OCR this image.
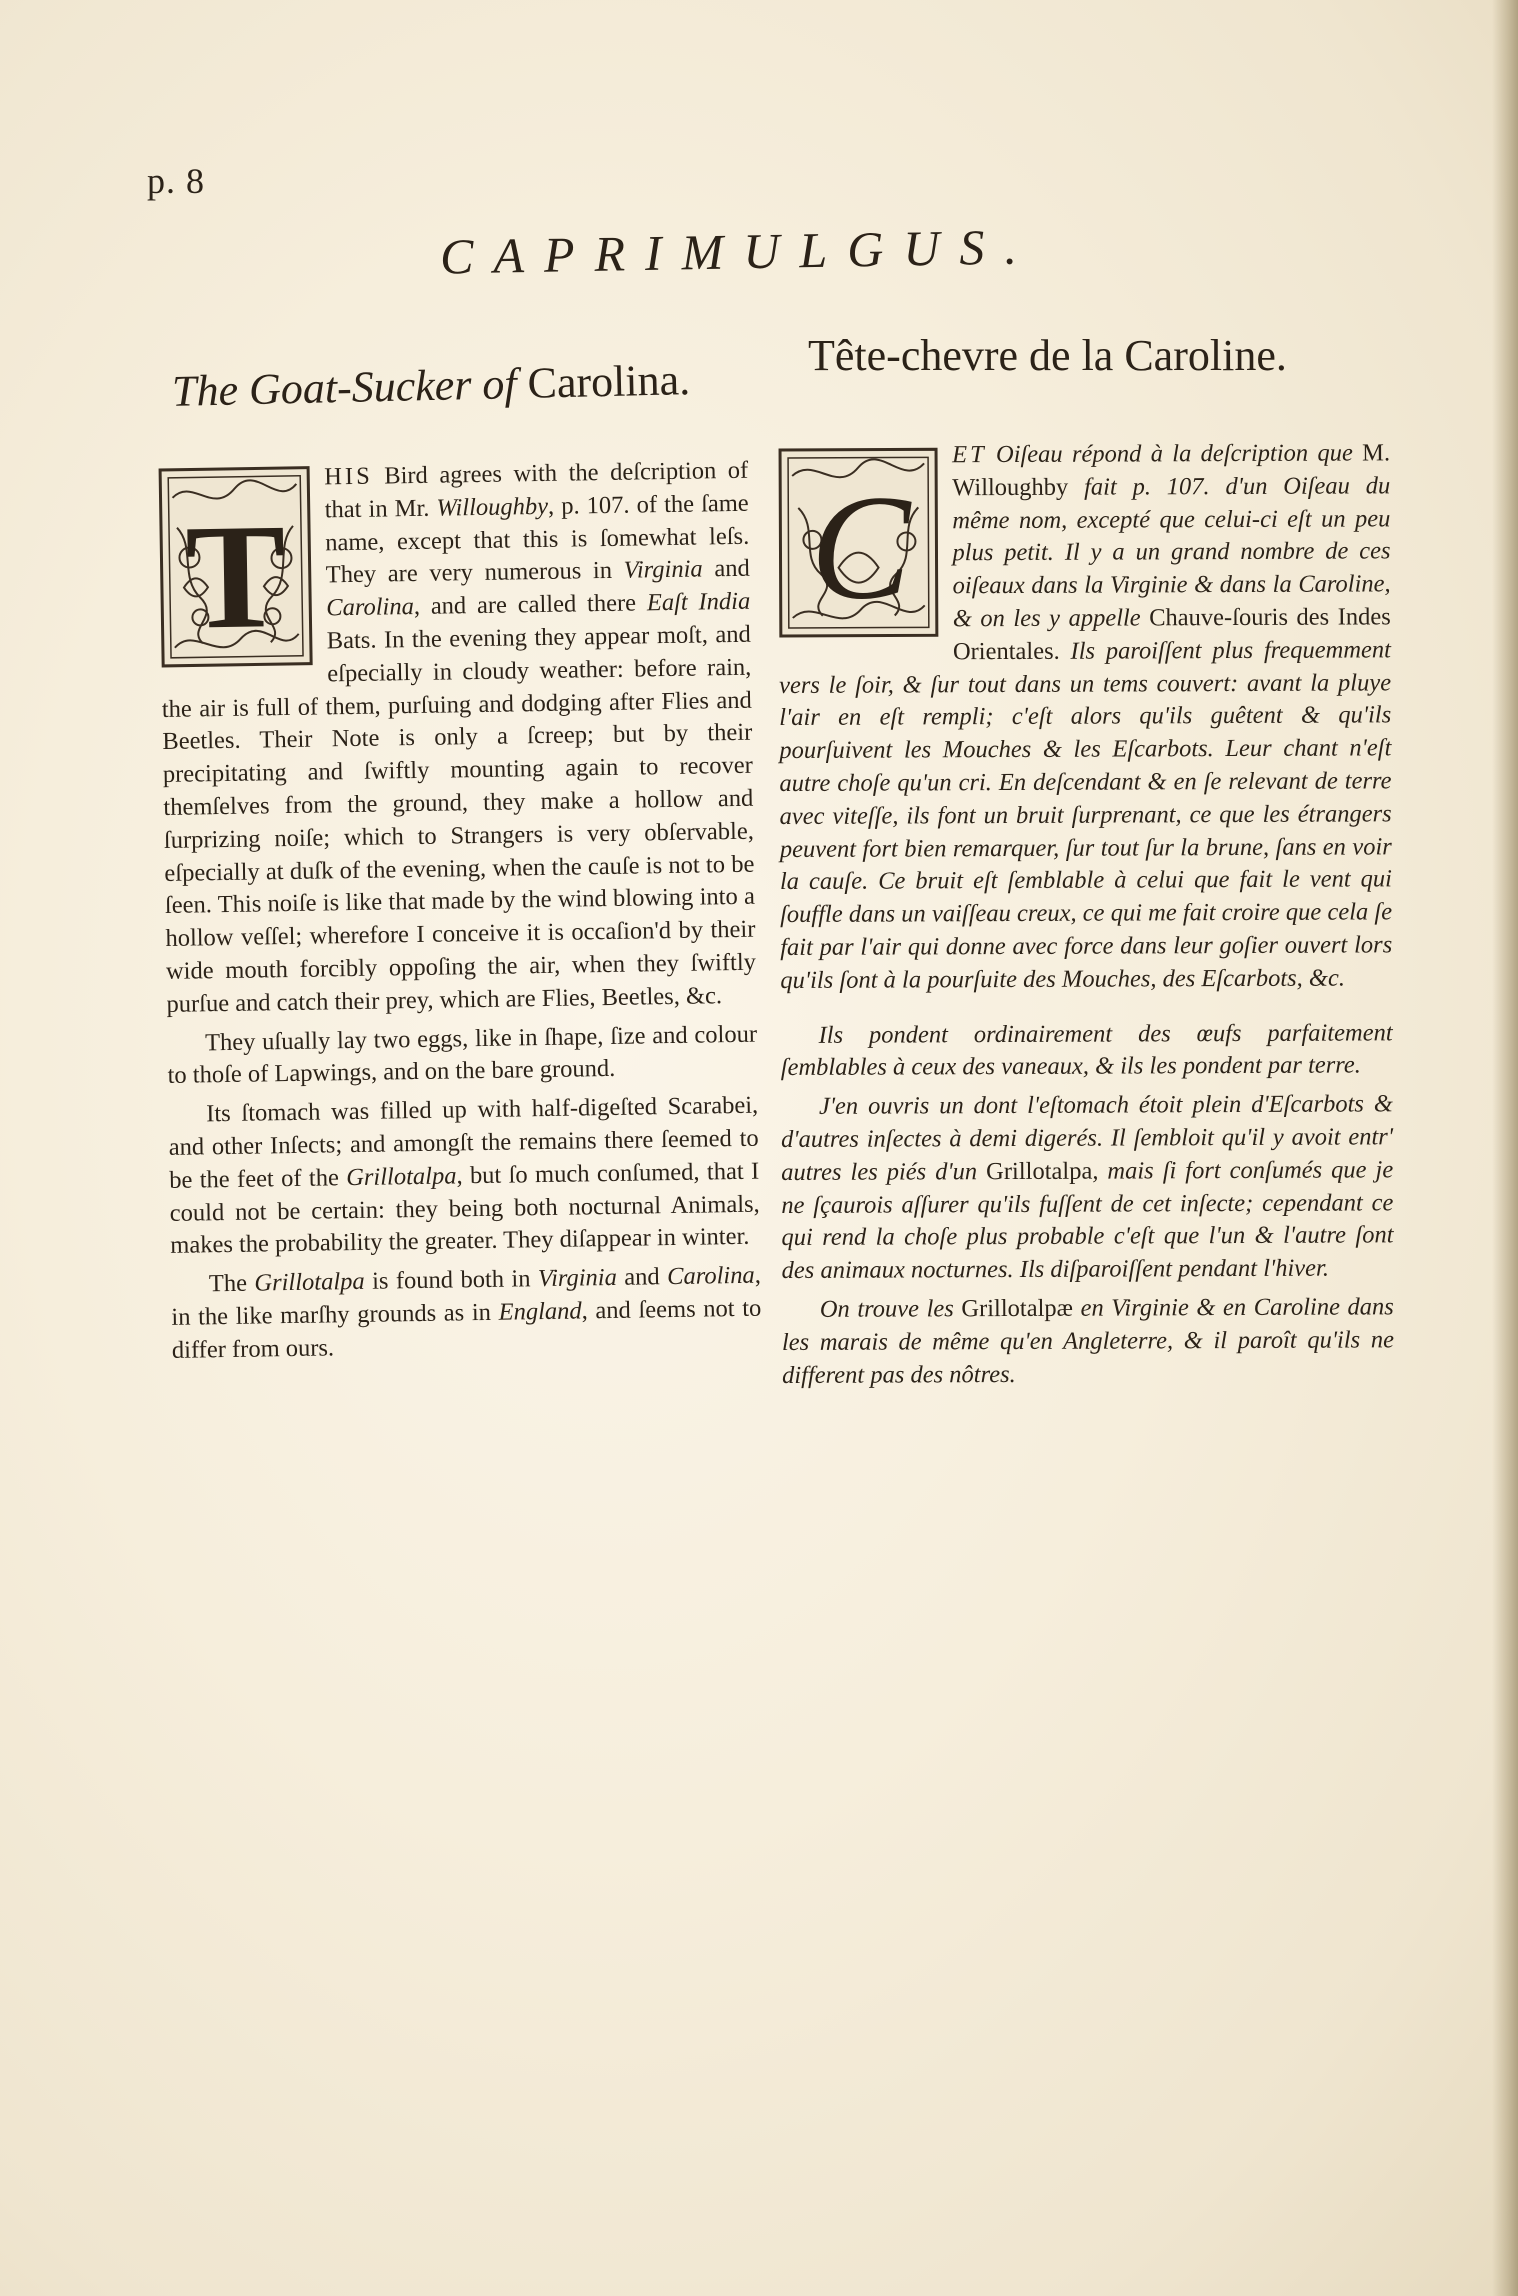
p. 8
CAPRIMULGUS.
The Goat-Sucker of Carolina.	Tête-chevre de la Caroline.

T
HIS Bird agrees with the deſcription of that in Mr. Willoughby, p. 107. of the ſame name, except that this is ſomewhat leſs. They are very numerous in Virginia and Carolina, and are called there Eaſt India Bats. In the evening they appear moſt, and eſpecially in cloudy weather: before rain, the air is full of them, purſuing and dodging after Flies and Beetles. Their Note is only a ſcreep; but by their precipitating and ſwiftly mounting again to recover themſelves from the ground, they make a hollow and ſurprizing noiſe; which to Strangers is very obſervable, eſpecially at duſk of the evening, when the cauſe is not to be ſeen. This noiſe is like that made by the wind blowing into a hollow veſſel; wherefore I conceive it is occaſion'd by their wide mouth forcibly oppoſing the air, when they ſwiftly purſue and catch their prey, which are Flies, Beetles, &c.

They uſually lay two eggs, like in ſhape, ſize and colour to thoſe of Lapwings, and on the bare ground.

Its ſtomach was filled up with half-digeſted Scarabei, and other Inſects; and amongſt the remains there ſeemed to be the feet of the Grillotalpa, but ſo much conſumed, that I could not be certain: they being both nocturnal Animals, makes the probability the greater. They diſappear in winter.

The Grillotalpa is found both in Virginia and Carolina, in the like marſhy grounds as in England, and ſeems not to differ from ours.

C
ET Oiſeau répond à la deſcription que M. Willoughby fait p. 107. d'un Oiſeau du même nom, excepté que celui-ci eſt un peu plus petit. Il y a un grand nombre de ces oiſeaux dans la Virginie & dans la Caroline, & on les y appelle Chauve-ſouris des Indes Orientales. Ils paroiſſent plus frequemment vers le ſoir, & ſur tout dans un tems couvert: avant la pluye l'air en eſt rempli; c'eſt alors qu'ils guêtent & qu'ils pourſuivent les Mouches & les Eſcarbots. Leur chant n'eſt autre choſe qu'un cri. En deſcendant & en ſe relevant de terre avec viteſſe, ils font un bruit ſurprenant, ce que les étrangers peuvent fort bien remarquer, ſur tout ſur la brune, ſans en voir la cauſe. Ce bruit eſt ſemblable à celui que fait le vent qui ſouffle dans un vaiſſeau creux, ce qui me fait croire que cela ſe fait par l'air qui donne avec force dans leur goſier ouvert lors qu'ils ſont à la pourſuite des Mouches, des Eſcarbots, &c.

Ils pondent ordinairement des œufs parfaitement ſemblables à ceux des vaneaux, & ils les pondent par terre.

J'en ouvris un dont l'eſtomach étoit plein d'Eſcarbots & d'autres inſectes à demi digerés. Il ſembloit qu'il y avoit entr' autres les piés d'un Grillotalpa, mais ſi fort conſumés que je ne ſçaurois aſſurer qu'ils fuſſent de cet inſecte; cependant ce qui rend la choſe plus probable c'eſt que l'un & l'autre ſont des animaux nocturnes. Ils diſparoiſſent pendant l'hiver.

On trouve les Grillotalpæ en Virginie & en Caroline dans les marais de même qu'en Angleterre, & il paroît qu'ils ne different pas des nôtres.
